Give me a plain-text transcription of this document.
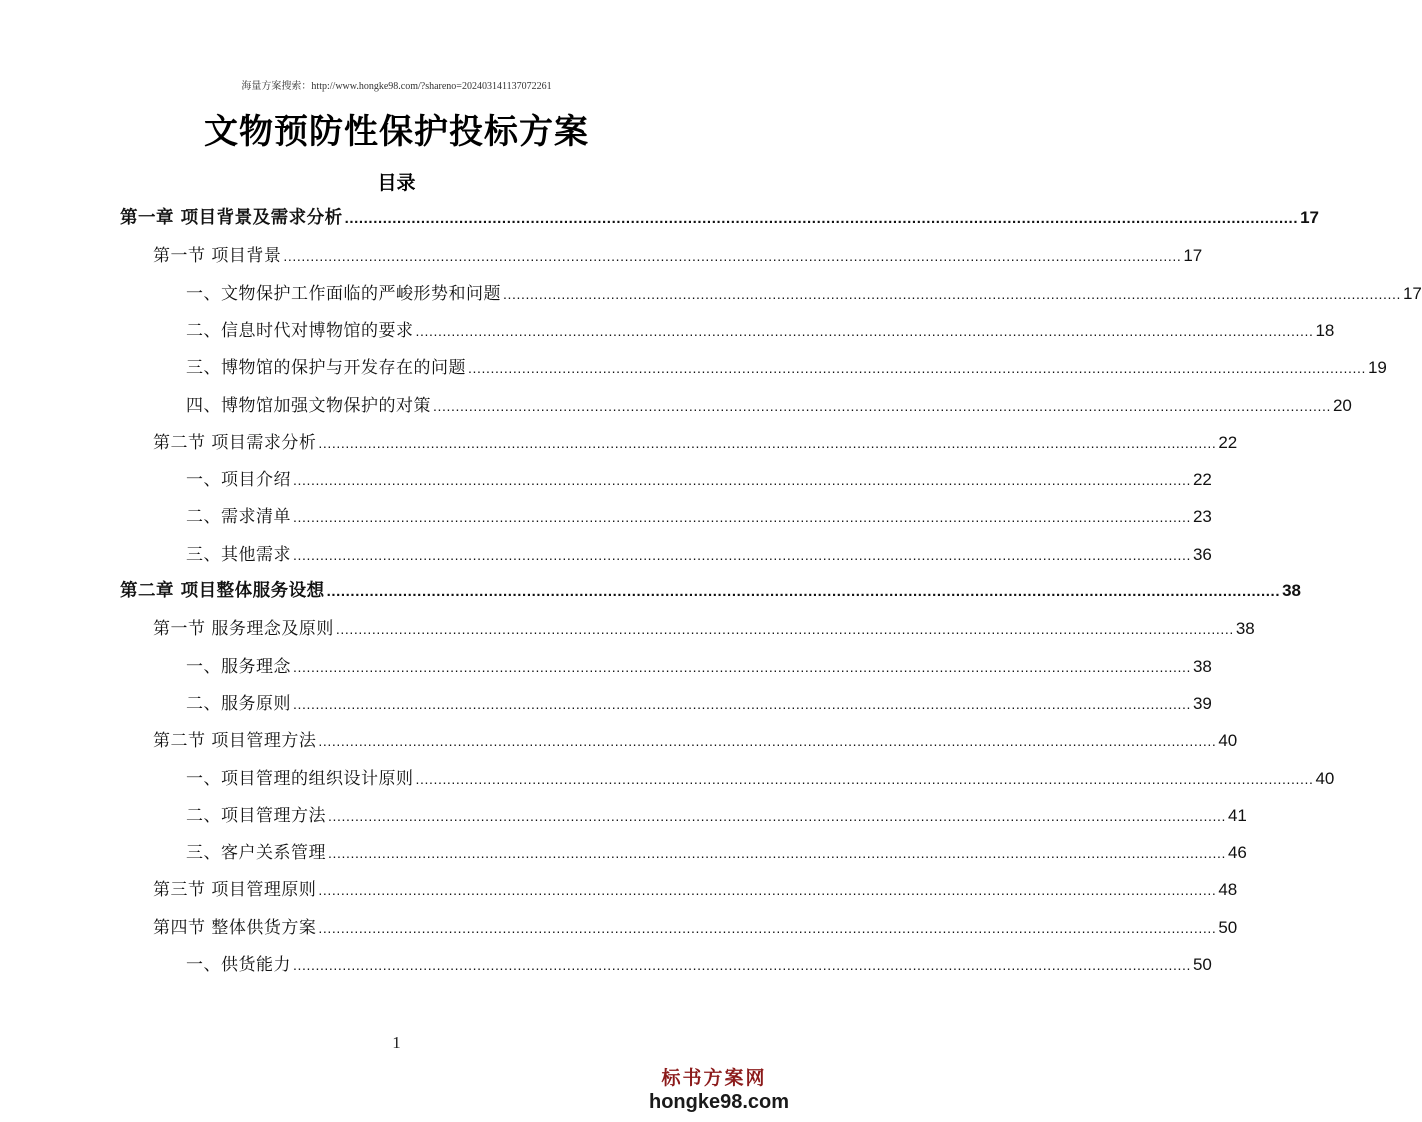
海量方案搜索：http://www.hongke98.com/?shareno=202403141137072261
文物预防性保护投标方案
目录
第一章 项目背景及需求分析 ........................................................................................................................................................................................................ 17
第一节 项目背景 ........................................................................................................................................................................................................ 17
一、文物保护工作面临的严峻形势和问题 ........................................................................................................................................................................................................ 17
二、信息时代对博物馆的要求 ........................................................................................................................................................................................................ 18
三、博物馆的保护与开发存在的问题 ........................................................................................................................................................................................................ 19
四、博物馆加强文物保护的对策 ........................................................................................................................................................................................................ 20
第二节 项目需求分析 ........................................................................................................................................................................................................ 22
一、项目介绍 ........................................................................................................................................................................................................ 22
二、需求清单 ........................................................................................................................................................................................................ 23
三、其他需求 ........................................................................................................................................................................................................ 36
第二章 项目整体服务设想 ........................................................................................................................................................................................................ 38
第一节 服务理念及原则 ........................................................................................................................................................................................................ 38
一、服务理念 ........................................................................................................................................................................................................ 38
二、服务原则 ........................................................................................................................................................................................................ 39
第二节 项目管理方法 ........................................................................................................................................................................................................ 40
一、项目管理的组织设计原则 ........................................................................................................................................................................................................ 40
二、项目管理方法 ........................................................................................................................................................................................................ 41
三、客户关系管理 ........................................................................................................................................................................................................ 46
第三节 项目管理原则 ........................................................................................................................................................................................................ 48
第四节 整体供货方案 ........................................................................................................................................................................................................ 50
一、供货能力 ........................................................................................................................................................................................................ 50
1
标书方案网
hongke98.com
